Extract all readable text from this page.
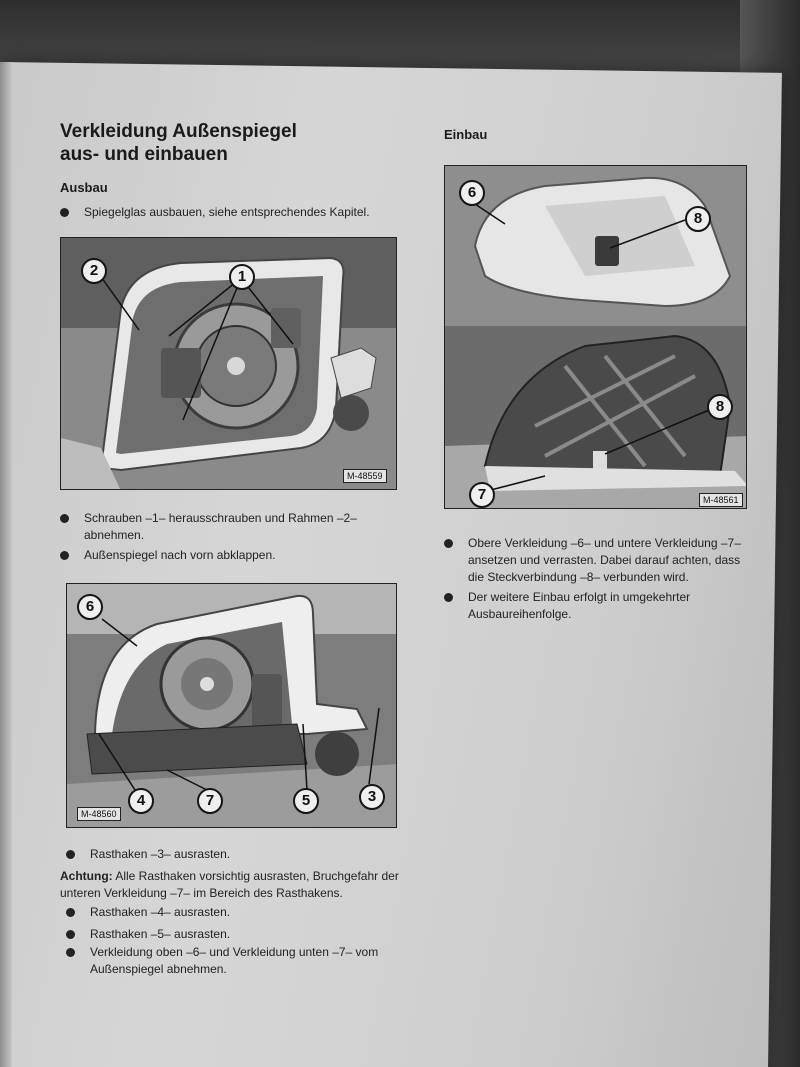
Verkleidung Außenspiegel
aus- und einbauen
Ausbau
Einbau
Spiegelglas ausbauen, siehe entsprechendes Kapitel.
2	1
M-48559
Schrauben –1– herausschrauben und Rahmen –2– abnehmen.
Außenspiegel nach vorn abklappen.
6
4	7	5	3
M-48560
Rasthaken –3– ausrasten.
Achtung: Alle Rasthaken vorsichtig ausrasten, Bruchgefahr der unteren Verkleidung –7– im Bereich des Rasthakens.
Rasthaken –4– ausrasten.
Rasthaken –5– ausrasten.
Verkleidung oben –6– und Verkleidung unten –7– vom Außenspiegel abnehmen.
6
8
8
7	M-48561
Obere Verkleidung –6– und untere Verkleidung –7– ansetzen und verrasten. Dabei darauf achten, dass die Steckverbindung –8– verbunden wird.
Der weitere Einbau erfolgt in umgekehrter Ausbaureihenfolge.
